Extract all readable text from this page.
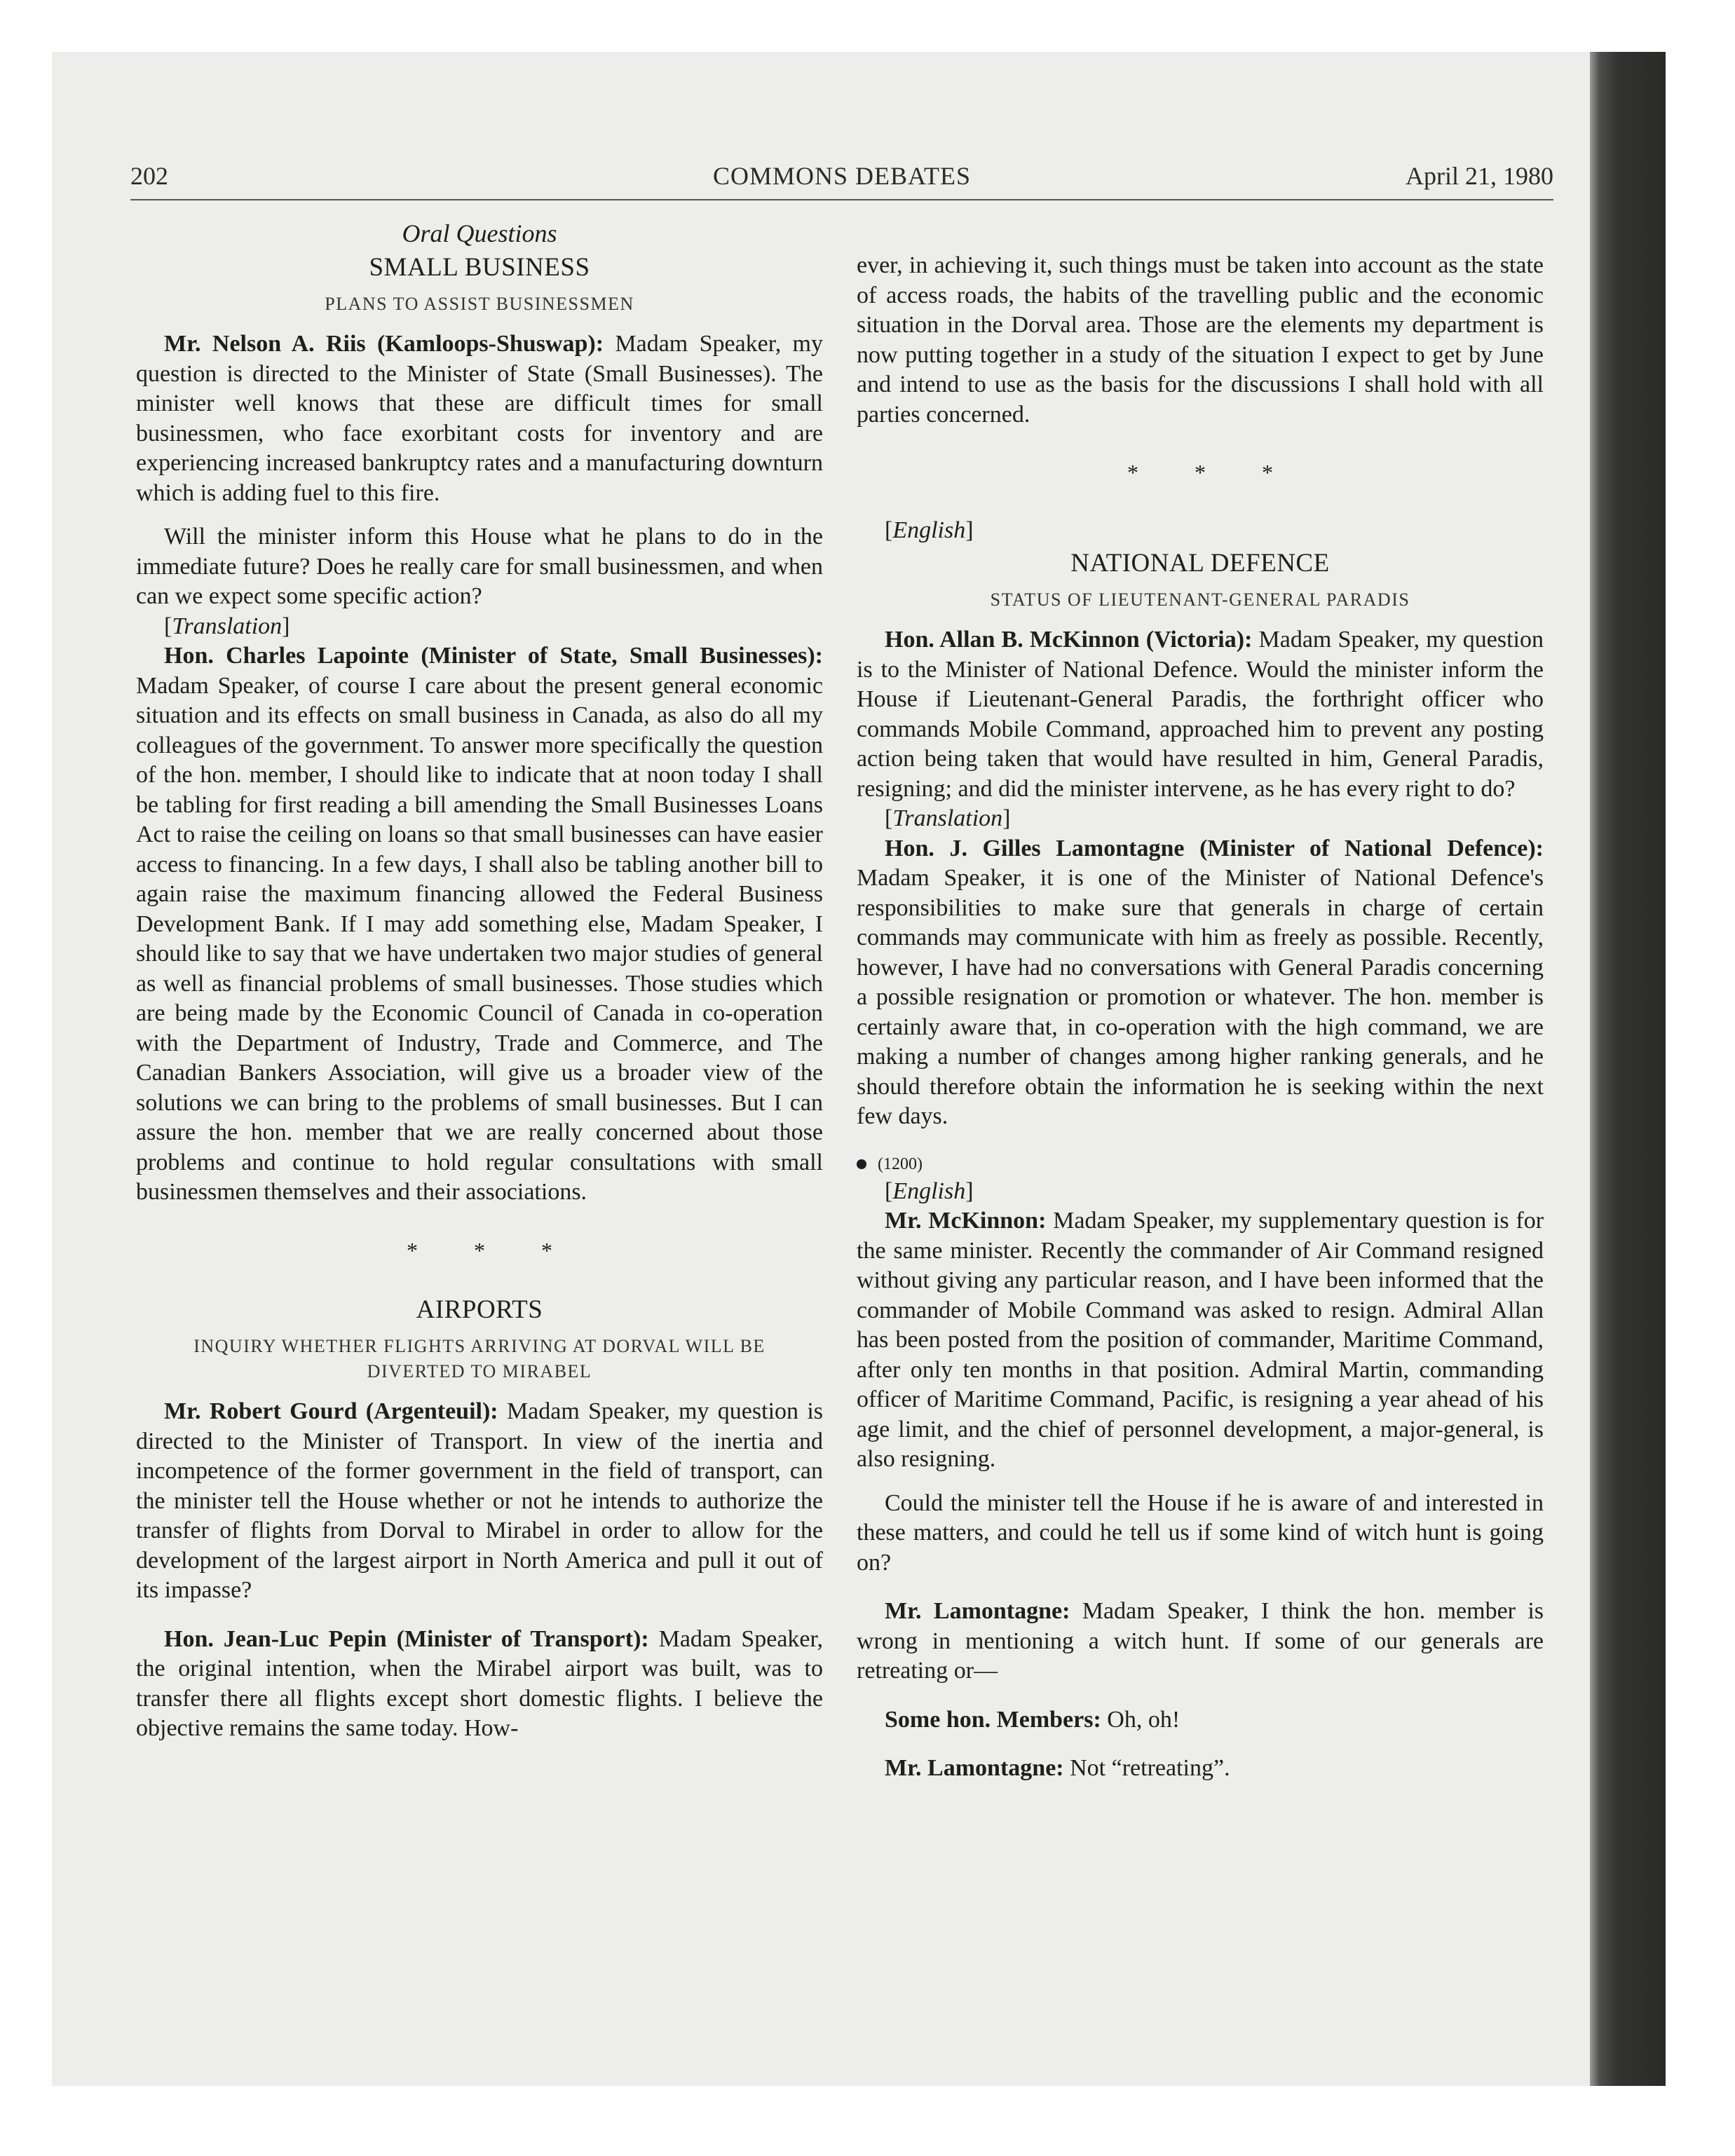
202	COMMONS DEBATES	April 21, 1980
Oral Questions
SMALL BUSINESS
PLANS TO ASSIST BUSINESSMEN

Mr. Nelson A. Riis (Kamloops-Shuswap): Madam Speaker, my question is directed to the Minister of State (Small Businesses). The minister well knows that these are difficult times for small businessmen, who face exorbitant costs for inventory and are experiencing increased bankruptcy rates and a manufacturing downturn which is adding fuel to this fire.

Will the minister inform this House what he plans to do in the immediate future? Does he really care for small businessmen, and when can we expect some specific action?

[Translation]

Hon. Charles Lapointe (Minister of State, Small Businesses): Madam Speaker, of course I care about the present general economic situation and its effects on small business in Canada, as also do all my colleagues of the government. To answer more specifically the question of the hon. member, I should like to indicate that at noon today I shall be tabling for first reading a bill amending the Small Businesses Loans Act to raise the ceiling on loans so that small businesses can have easier access to financing. In a few days, I shall also be tabling another bill to again raise the maximum financing allowed the Federal Business Development Bank. If I may add something else, Madam Speaker, I should like to say that we have undertaken two major studies of general as well as financial problems of small businesses. Those studies which are being made by the Economic Council of Canada in co-operation with the Department of Industry, Trade and Commerce, and The Canadian Bankers Association, will give us a broader view of the solutions we can bring to the problems of small businesses. But I can assure the hon. member that we are really concerned about those problems and continue to hold regular consultations with small businessmen themselves and their associations.

* * *
AIRPORTS
INQUIRY WHETHER FLIGHTS ARRIVING AT DORVAL WILL BE DIVERTED TO MIRABEL

Mr. Robert Gourd (Argenteuil): Madam Speaker, my question is directed to the Minister of Transport. In view of the inertia and incompetence of the former government in the field of transport, can the minister tell the House whether or not he intends to authorize the transfer of flights from Dorval to Mirabel in order to allow for the development of the largest airport in North America and pull it out of its impasse?

Hon. Jean-Luc Pepin (Minister of Transport): Madam Speaker, the original intention, when the Mirabel airport was built, was to transfer there all flights except short domestic flights. I believe the objective remains the same today. How-

ever, in achieving it, such things must be taken into account as the state of access roads, the habits of the travelling public and the economic situation in the Dorval area. Those are the elements my department is now putting together in a study of the situation I expect to get by June and intend to use as the basis for the discussions I shall hold with all parties concerned.

* * *

[English]

NATIONAL DEFENCE
STATUS OF LIEUTENANT-GENERAL PARADIS

Hon. Allan B. McKinnon (Victoria): Madam Speaker, my question is to the Minister of National Defence. Would the minister inform the House if Lieutenant-General Paradis, the forthright officer who commands Mobile Command, approached him to prevent any posting action being taken that would have resulted in him, General Paradis, resigning; and did the minister intervene, as he has every right to do?

[Translation]

Hon. J. Gilles Lamontagne (Minister of National Defence): Madam Speaker, it is one of the Minister of National Defence's responsibilities to make sure that generals in charge of certain commands may communicate with him as freely as possible. Recently, however, I have had no conversations with General Paradis concerning a possible resignation or promotion or whatever. The hon. member is certainly aware that, in co-operation with the high command, we are making a number of changes among higher ranking generals, and he should therefore obtain the information he is seeking within the next few days.

(1200)

[English]

Mr. McKinnon: Madam Speaker, my supplementary question is for the same minister. Recently the commander of Air Command resigned without giving any particular reason, and I have been informed that the commander of Mobile Command was asked to resign. Admiral Allan has been posted from the position of commander, Maritime Command, after only ten months in that position. Admiral Martin, commanding officer of Maritime Command, Pacific, is resigning a year ahead of his age limit, and the chief of personnel development, a major-general, is also resigning.

Could the minister tell the House if he is aware of and interested in these matters, and could he tell us if some kind of witch hunt is going on?

Mr. Lamontagne: Madam Speaker, I think the hon. member is wrong in mentioning a witch hunt. If some of our generals are retreating or—

Some hon. Members: Oh, oh!

Mr. Lamontagne: Not “retreating”.
